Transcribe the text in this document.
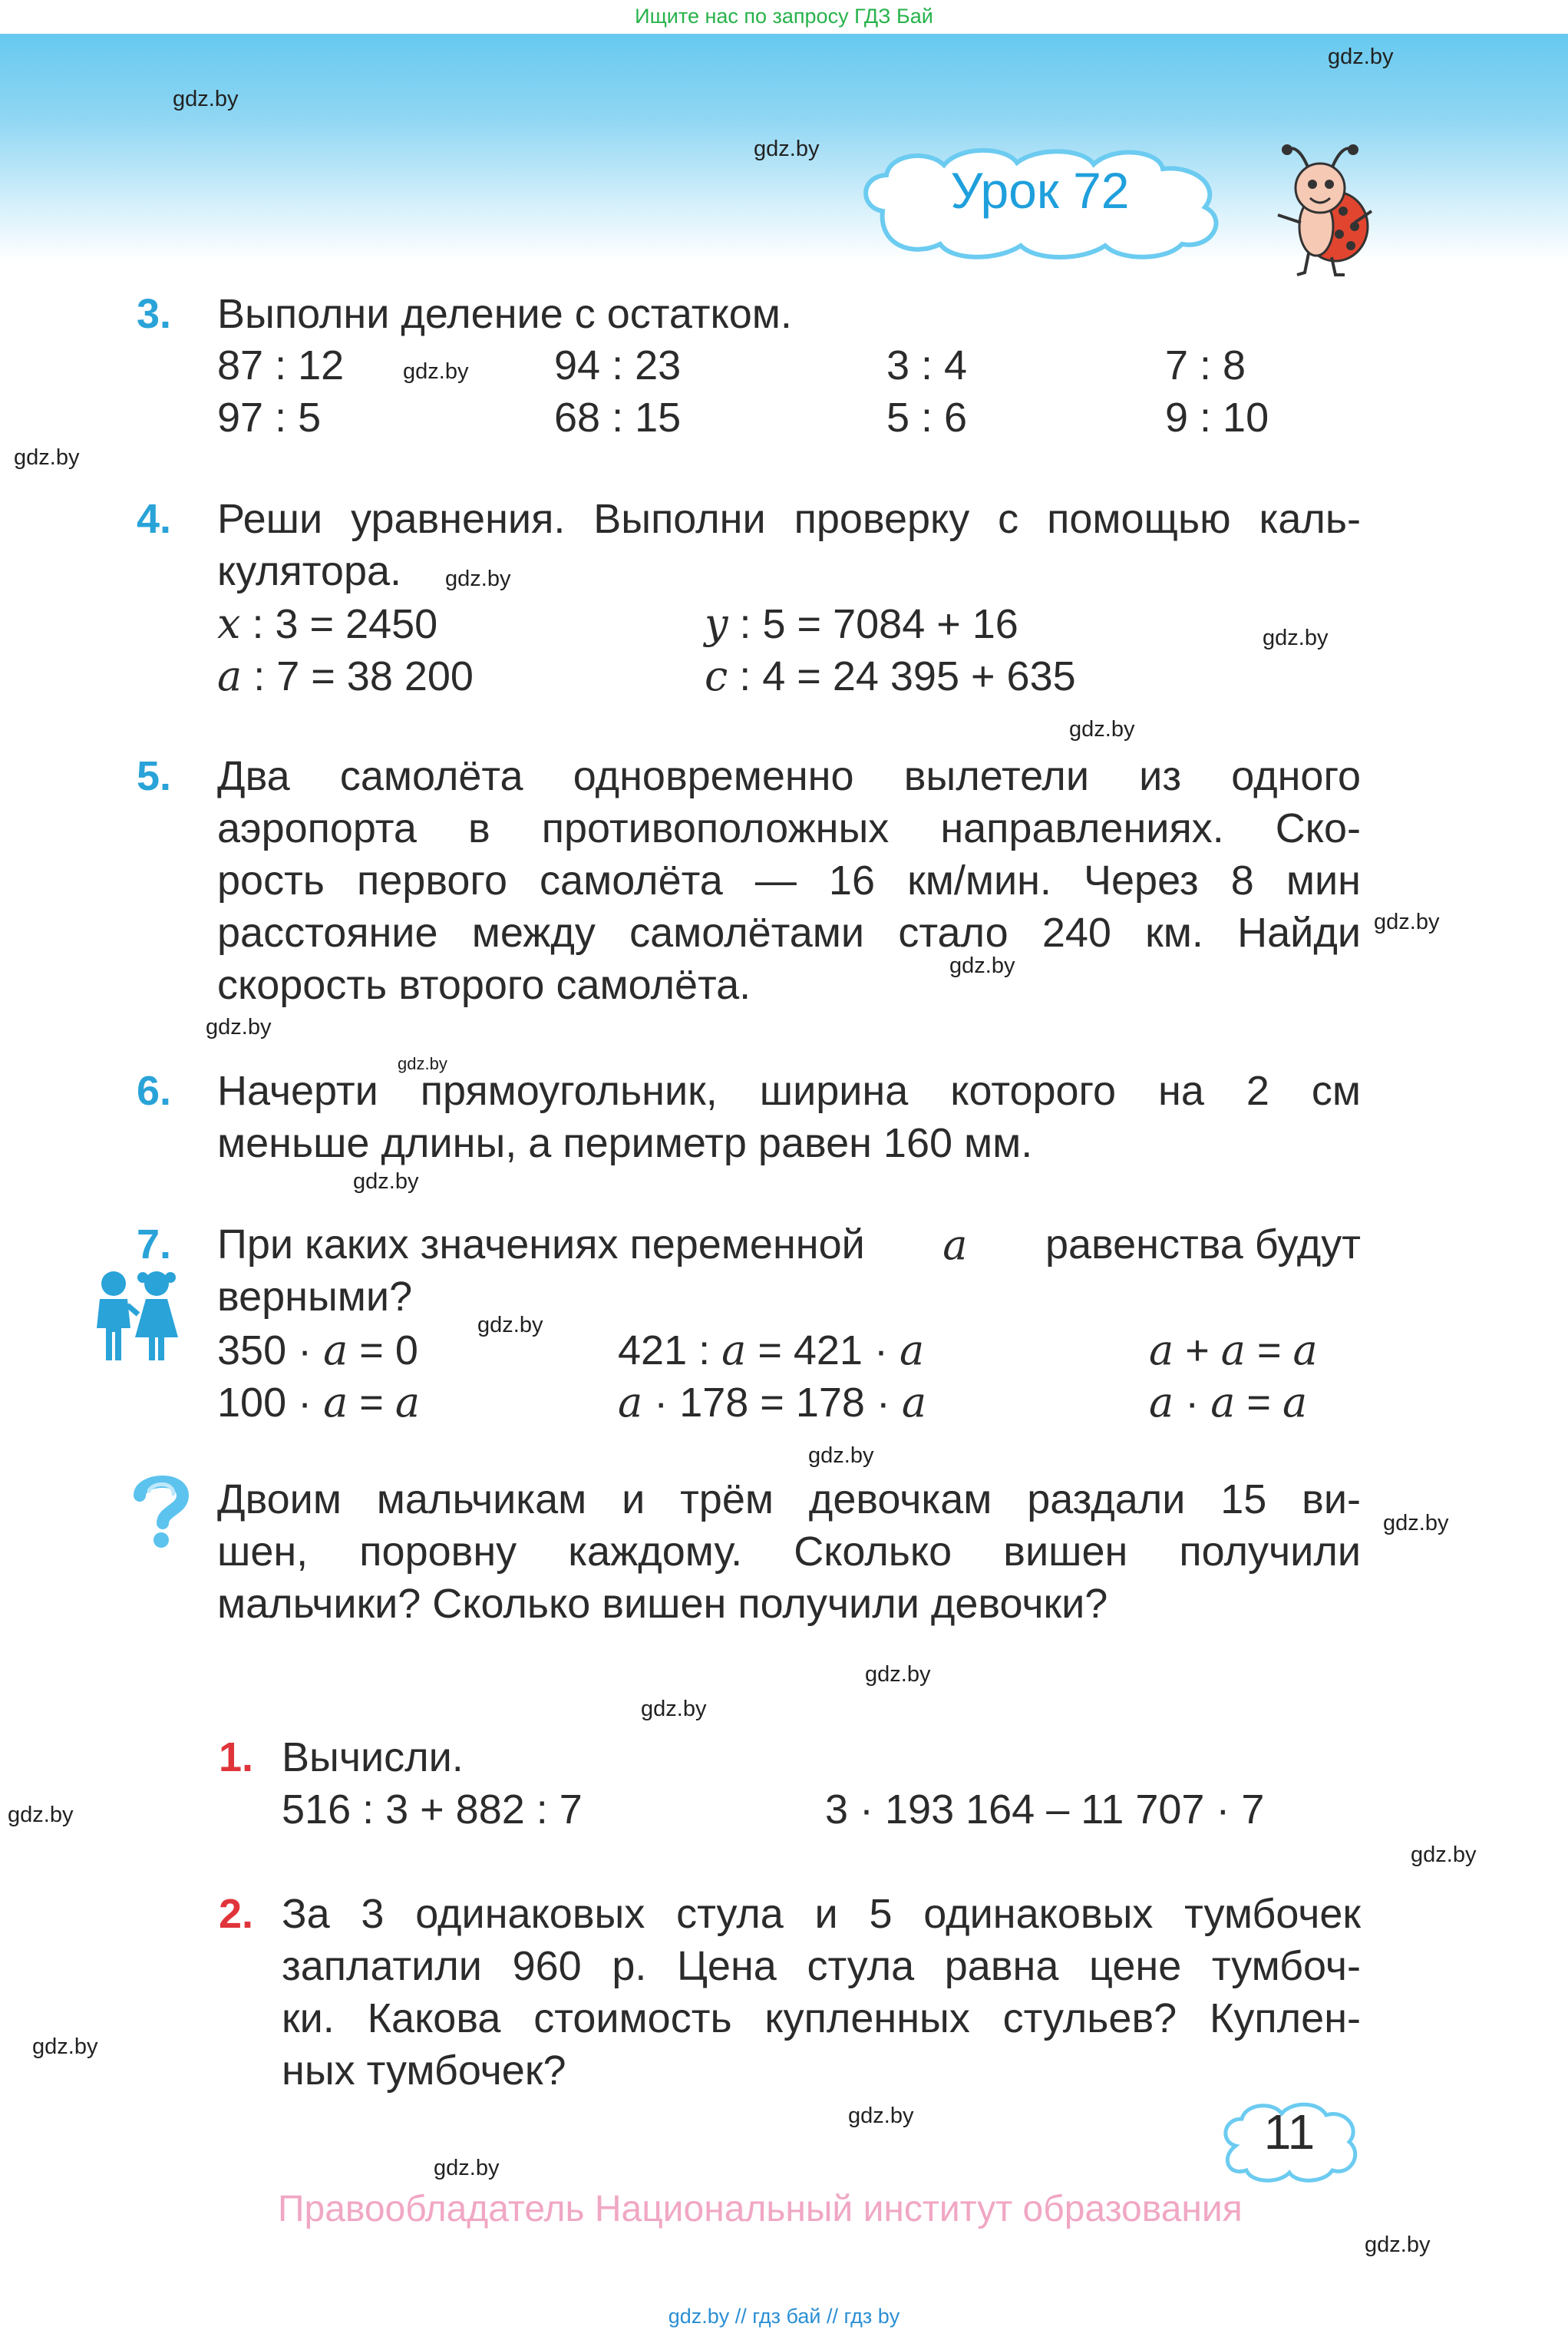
Ищите нас по запросу ГДЗ Бай
Урок 72
gdz.by
gdz.by
gdz.by
gdz.by
gdz.by
gdz.by
gdz.by
gdz.by
gdz.by
gdz.by
gdz.by
gdz.by
gdz.by
gdz.by
gdz.by
gdz.by
gdz.by
gdz.by
gdz.by
gdz.by
gdz.by
gdz.by
gdz.by
gdz.by
3. Выполни деление с остатком.
87 : 12	94 : 23	3 : 4	7 : 8
97 : 5	68 : 15	5 : 6	9 : 10
4. Реши уравнения. Выполни проверку с помощью каль-
кулятора.
x : 3 = 2450	y : 5 = 7084 + 16
a : 7 = 38 200	c : 4 = 24 395 + 635
5. Два самолёта одновременно вылетели из одного
аэропорта в противоположных направлениях. Ско-
рость первого самолёта — 16 км/мин. Через 8 мин
расстояние между самолётами стало 240 км. Найди
скорость второго самолёта.
6. Начерти прямоугольник, ширина которого на 2 см
меньше длины, а периметр равен 160 мм.
7. При каких значениях переменной a равенства будут
верными?
350 · a = 0	421 : a = 421 · a	a + a = a
100 · a = a	a · 178 = 178 · a	a · a = a
Двоим мальчикам и трём девочкам раздали 15 ви-
шен, поровну каждому. Сколько вишен получили
мальчики? Сколько вишен получили девочки?
1. Вычисли.
516 : 3 + 882 : 7	3 · 193 164 – 11 707 · 7
2. За 3 одинаковых стула и 5 одинаковых тумбочек
заплатили 960 р. Цена стула равна цене тумбоч-
ки. Какова стоимость купленных стульев? Куплен-
ных тумбочек?
11
Правообладатель Национальный институт образования
gdz.by // гдз бай // гдз by
